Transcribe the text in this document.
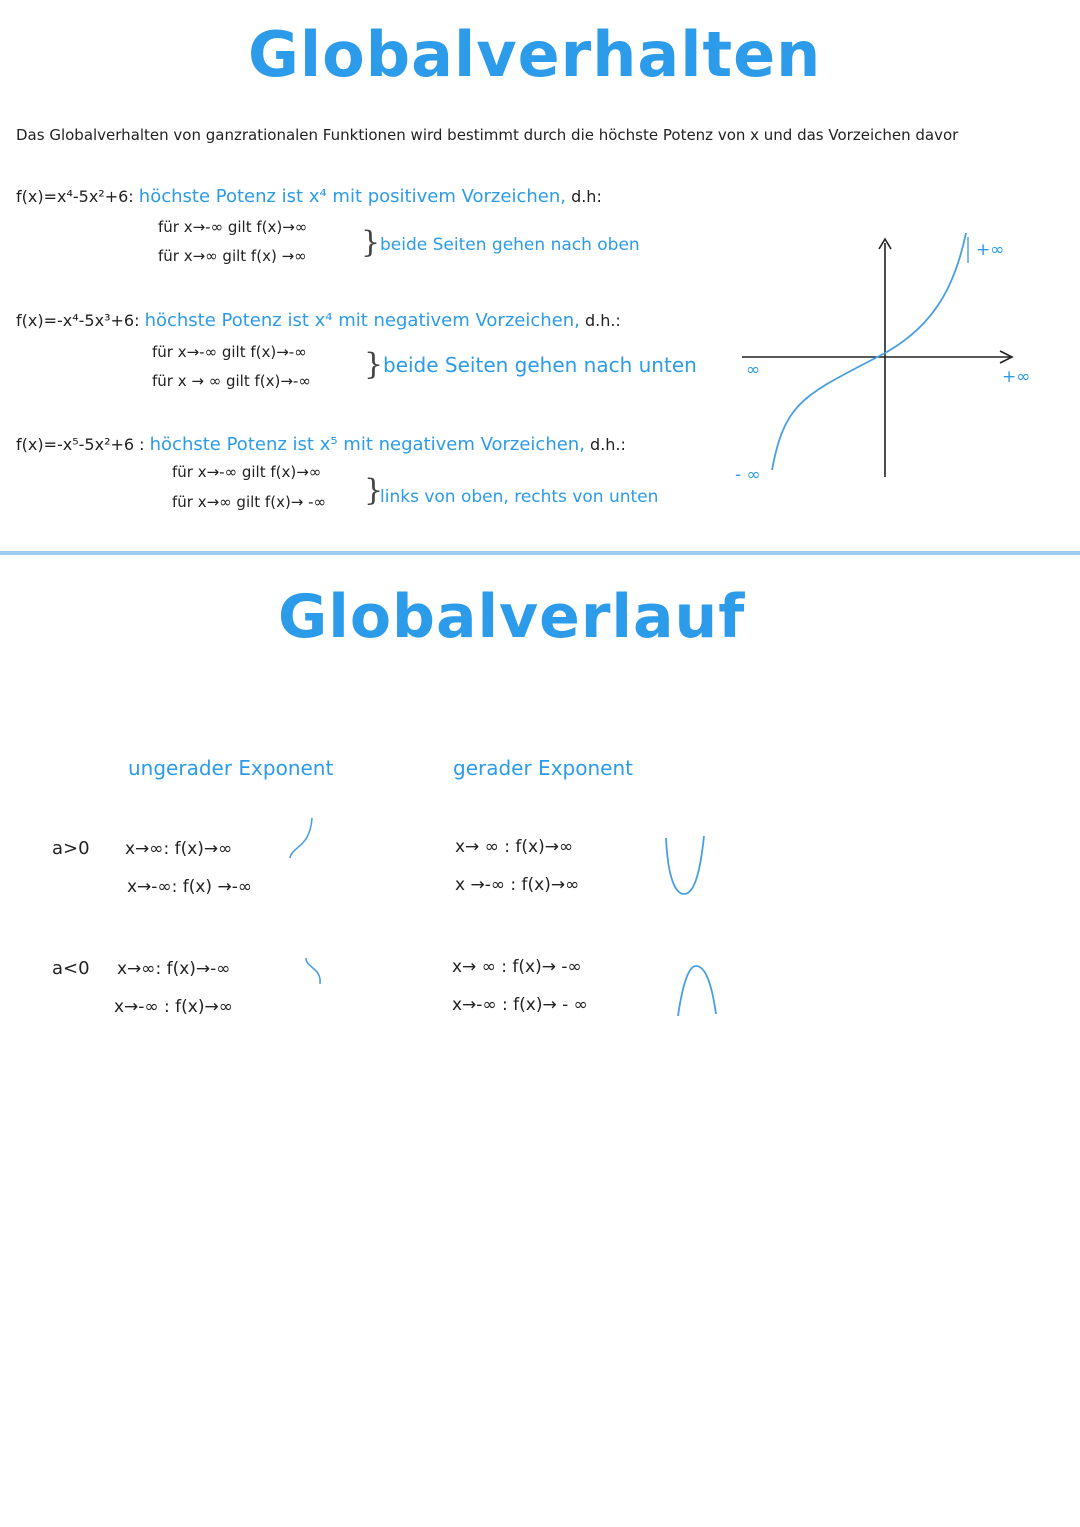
Globalverhalten
Das Globalverhalten von ganzrationalen Funktionen wird bestimmt durch die höchste Potenz von x und das Vorzeichen davor
f(x)=x⁴-5x²+6: höchste Potenz ist x⁴ mit positivem Vorzeichen, d.h:
für x→-∞ gilt f(x)→∞
für x→∞ gilt f(x) →∞ } beide Seiten gehen nach oben
f(x)=-x⁴-5x³+6: höchste Potenz ist x⁴ mit negativem Vorzeichen, d.h.:
für x→-∞ gilt f(x)→-∞
für x → ∞ gilt f(x)→-∞ } beide Seiten gehen nach unten
f(x)=-x⁵-5x²+6 : höchste Potenz ist x⁵ mit negativem Vorzeichen, d.h.:
für x→-∞ gilt f(x)→∞
für x→∞ gilt f(x)→ -∞ }
links von oben, rechts von unten
+∞
∞	+∞
- ∞
Globalverlauf
ungerader Exponent	gerader Exponent
a>0 x→∞: f(x)→∞
x→-∞: f(x) →-∞
x→ ∞ : f(x)→∞
x →-∞ : f(x)→∞
a<0 x→∞: f(x)→-∞
x→-∞ : f(x)→∞
x→ ∞ : f(x)→ -∞
x→-∞ : f(x)→ - ∞
